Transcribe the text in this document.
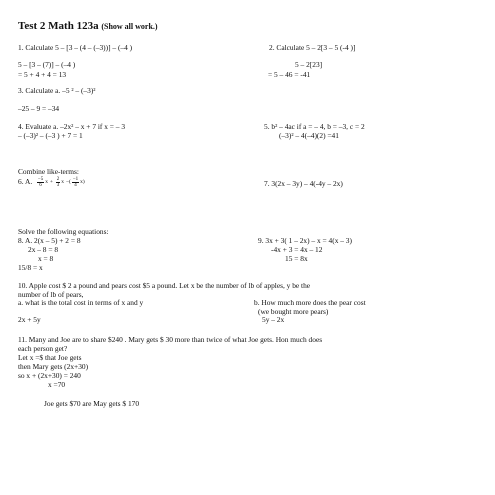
Test 2 Math 123a (Show all work.)
1. Calculate 5 – [3 – (4 – (–3))] – (–4 )
5 – [3 – (7)] – (–4 )
= 5 + 4 + 4 = 13
2. Calculate 5 – 2[3 – 5 (-4 )]
5 – 2[23]
= 5 – 46 = -41
3. Calculate a. –5 ² – (–3)²
–25 – 9 = –34
4. Evaluate a. –2x² – x + 7 if x = – 3
– (–3)² – (–3 ) + 7 = 1
5. b² – 4ac if a = – 4, b = –3, c = 2
(–3)² – 4(–4)(2) =41
Combine like-terms:
6. A. $\frac{-5}{6}$ $x + \frac{2}{3}$ x −( $\frac{-1}{4} x$)	7. 3(2x – 3y) – 4(-4y – 2x)
Solve the following equations:
8. A. 2(x – 5) + 2 = 8
2x – 8 = 8
x = 8
15/8 = x
9. 3x + 3( 1 – 2x) – x = 4(x – 3)
-4x + 3 = 4x – 12
15 = 8x
10. Apple cost $ 2 a pound and pears cost $5 a pound. Let x be the number of lb of apples, y be the
number of lb of pears,
a. what is the total cost in terms of x and y
2x + 5y
b. How much more does the pear cost
(we bought more pears)
5y – 2x
11. Many and Joe are to share $240 . Mary gets $ 30 more than twice of what Joe gets. Hon much does
each person get?
Let x =$ that Joe gets
then Mary gets (2x+30)
so x + (2x+30) = 240
x =70
Joe gets $70 are May gets $ 170
